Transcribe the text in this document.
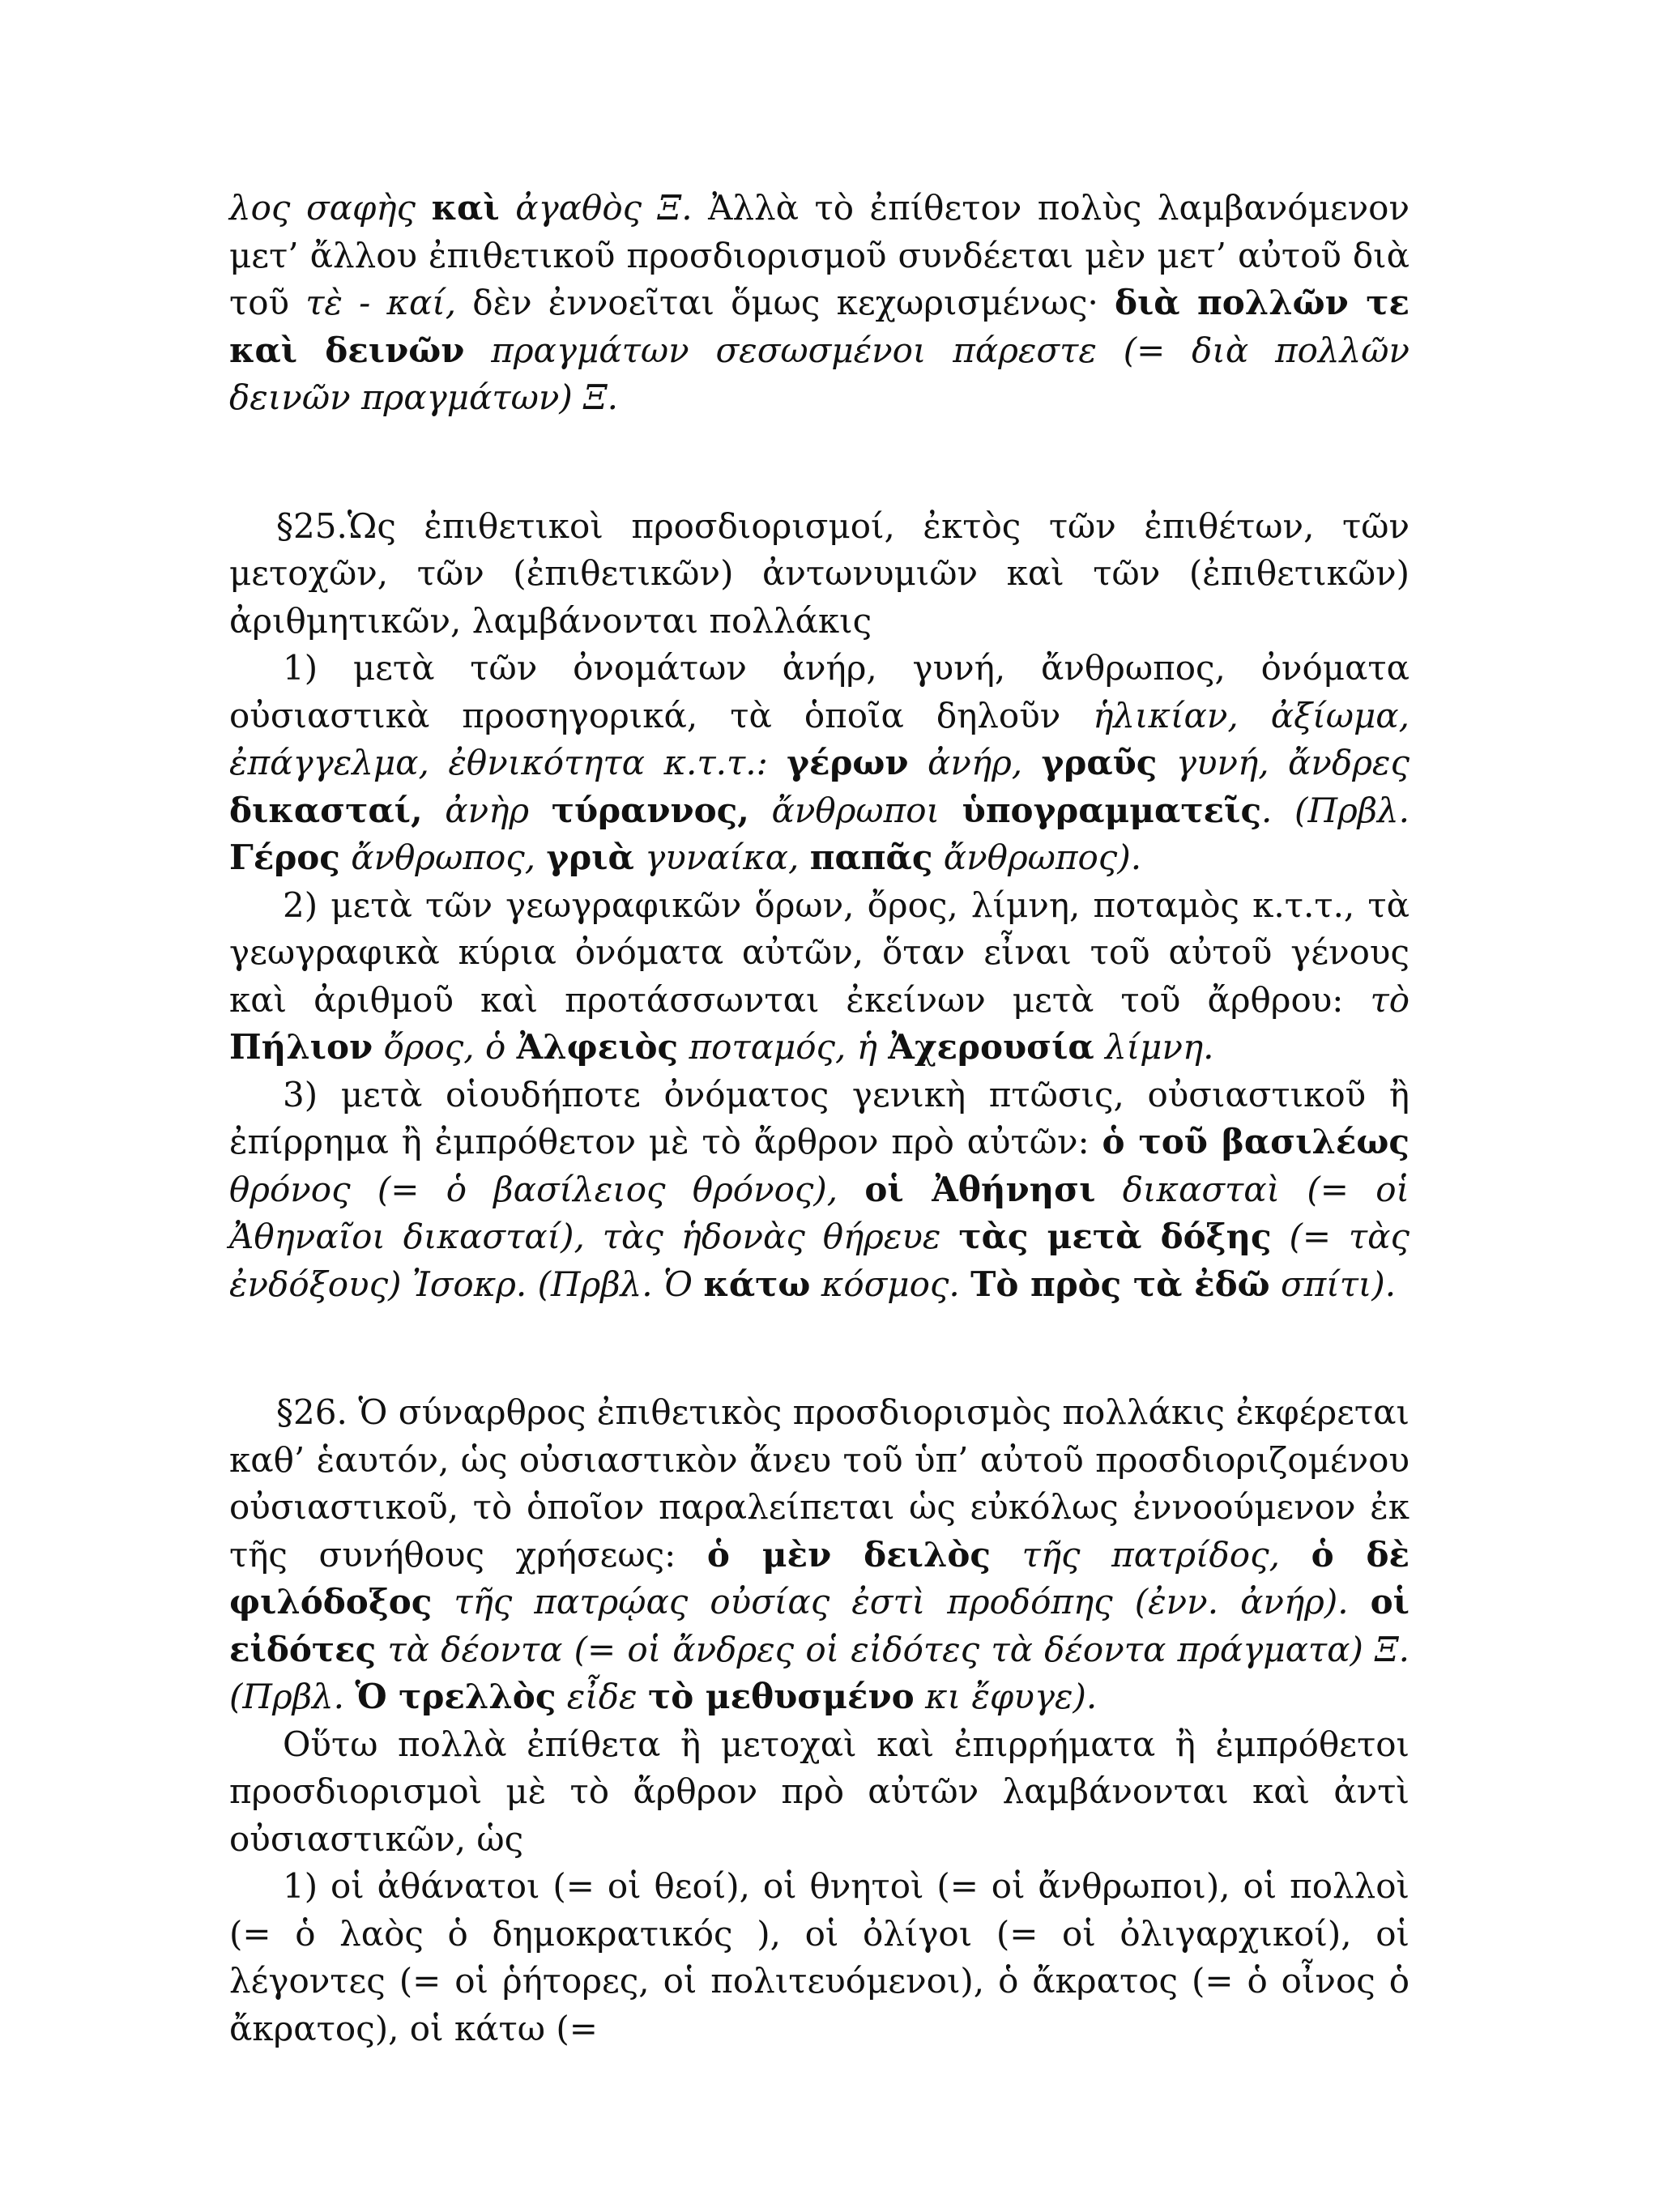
λος σαφὴς καὶ ἀγαθὸς Ξ. Ἀλλὰ τὸ ἐπίθετον πολὺς λαμβανόμενον μετ’ ἄλλου ἐπιθετικοῦ προσδιορισμοῦ συνδέεται μὲν μετ’ αὐτοῦ διὰ τοῦ τὲ - καί, δὲν ἐννοεῖται ὅμως κεχωρισμένως· διὰ πολλῶν τε καὶ δεινῶν πραγμάτων σεσωσμένοι πάρεστε (= διὰ πολλῶν δεινῶν πραγμάτων) Ξ.

§25.Ὡς ἐπιθετικοὶ προσδιορισμοί, ἐκτὸς τῶν ἐπιθέτων, τῶν μετοχῶν, τῶν (ἐπιθετικῶν) ἀντωνυμιῶν καὶ τῶν (ἐπιθετικῶν) ἀριθμητικῶν, λαμβάνονται πολλάκις

1) μετὰ τῶν ὀνομάτων ἀνήρ, γυνή, ἄνθρωπος, ὀνόματα οὐσιαστικὰ προσηγορικά, τὰ ὁποῖα δηλοῦν ἡλικίαν, ἀξίωμα, ἐπάγγελμα, ἐθνικότητα κ.τ.τ.: γέρων ἀνήρ, γραῦς γυνή, ἄνδρες δικασταί, ἀνὴρ τύραννος, ἄνθρωποι ὑπογραμματεῖς. (Πρβλ. Γέρος ἄνθρωπος, γριὰ γυναίκα, παπᾶς ἄνθρωπος).

2) μετὰ τῶν γεωγραφικῶν ὅρων, ὄρος, λίμνη, ποταμὸς κ.τ.τ., τὰ γεωγραφικὰ κύρια ὀνόματα αὐτῶν, ὅταν εἶναι τοῦ αὐτοῦ γένους καὶ ἀριθμοῦ καὶ προτάσσωνται ἐκείνων μετὰ τοῦ ἄρθρου: τὸ Πήλιον ὄρος, ὁ Ἀλφειὸς ποταμός, ἡ Ἀχερουσία λίμνη.

3) μετὰ οἱουδήποτε ὀνόματος γενικὴ πτῶσις, οὐσιαστικοῦ ἢ ἐπίρρημα ἢ ἐμπρόθετον μὲ τὸ ἄρθρον πρὸ αὐτῶν: ὁ τοῦ βασιλέως θρόνος (= ὁ βασίλειος θρόνος), οἱ Ἀθήνησι δικασταὶ (= οἱ Ἀθηναῖοι δικασταί), τὰς ἡδονὰς θήρευε τὰς μετὰ δόξης (= τὰς ἐνδόξους) Ἰσοκρ. (Πρβλ. Ὁ κάτω κόσμος. Τὸ πρὸς τὰ ἐδῶ σπίτι).

§26. Ὁ σύναρθρος ἐπιθετικὸς προσδιορισμὸς πολλάκις ἐκφέρεται καθ’ ἑαυτόν, ὡς οὐσιαστικὸν ἄνευ τοῦ ὑπ’ αὐτοῦ προσδιοριζομένου οὐσιαστικοῦ, τὸ ὁποῖον παραλείπεται ὡς εὐκόλως ἐννοούμενον ἐκ τῆς συνήθους χρήσεως: ὁ μὲν δειλὸς τῆς πατρίδος, ὁ δὲ φιλόδοξος τῆς πατρῴας οὐσίας ἐστὶ προδόπης (ἐνν. ἀνήρ). οἱ εἰδότες τὰ δέοντα (= οἱ ἄνδρες οἱ εἰδότες τὰ δέοντα πράγματα) Ξ. (Πρβλ. Ὁ τρελλὸς εἶδε τὸ μεθυσμένο κι ἔφυγε).

Οὕτω πολλὰ ἐπίθετα ἢ μετοχαὶ καὶ ἐπιρρήματα ἢ ἐμπρόθετοι προσδιορισμοὶ μὲ τὸ ἄρθρον πρὸ αὐτῶν λαμβάνονται καὶ ἀντὶ οὐσιαστικῶν, ὡς

1) οἱ ἀθάνατοι (= οἱ θεοί), οἱ θνητοὶ (= οἱ ἄνθρωποι), οἱ πολλοὶ (= ὁ λαὸς ὁ δημοκρατικός ), οἱ ὀλίγοι (= οἱ ὀλιγαρχικοί), οἱ λέγοντες (= οἱ ῥήτορες, οἱ πολιτευόμενοι), ὁ ἄκρατος (= ὁ οἶνος ὁ ἄκρατος), οἱ κάτω (=
